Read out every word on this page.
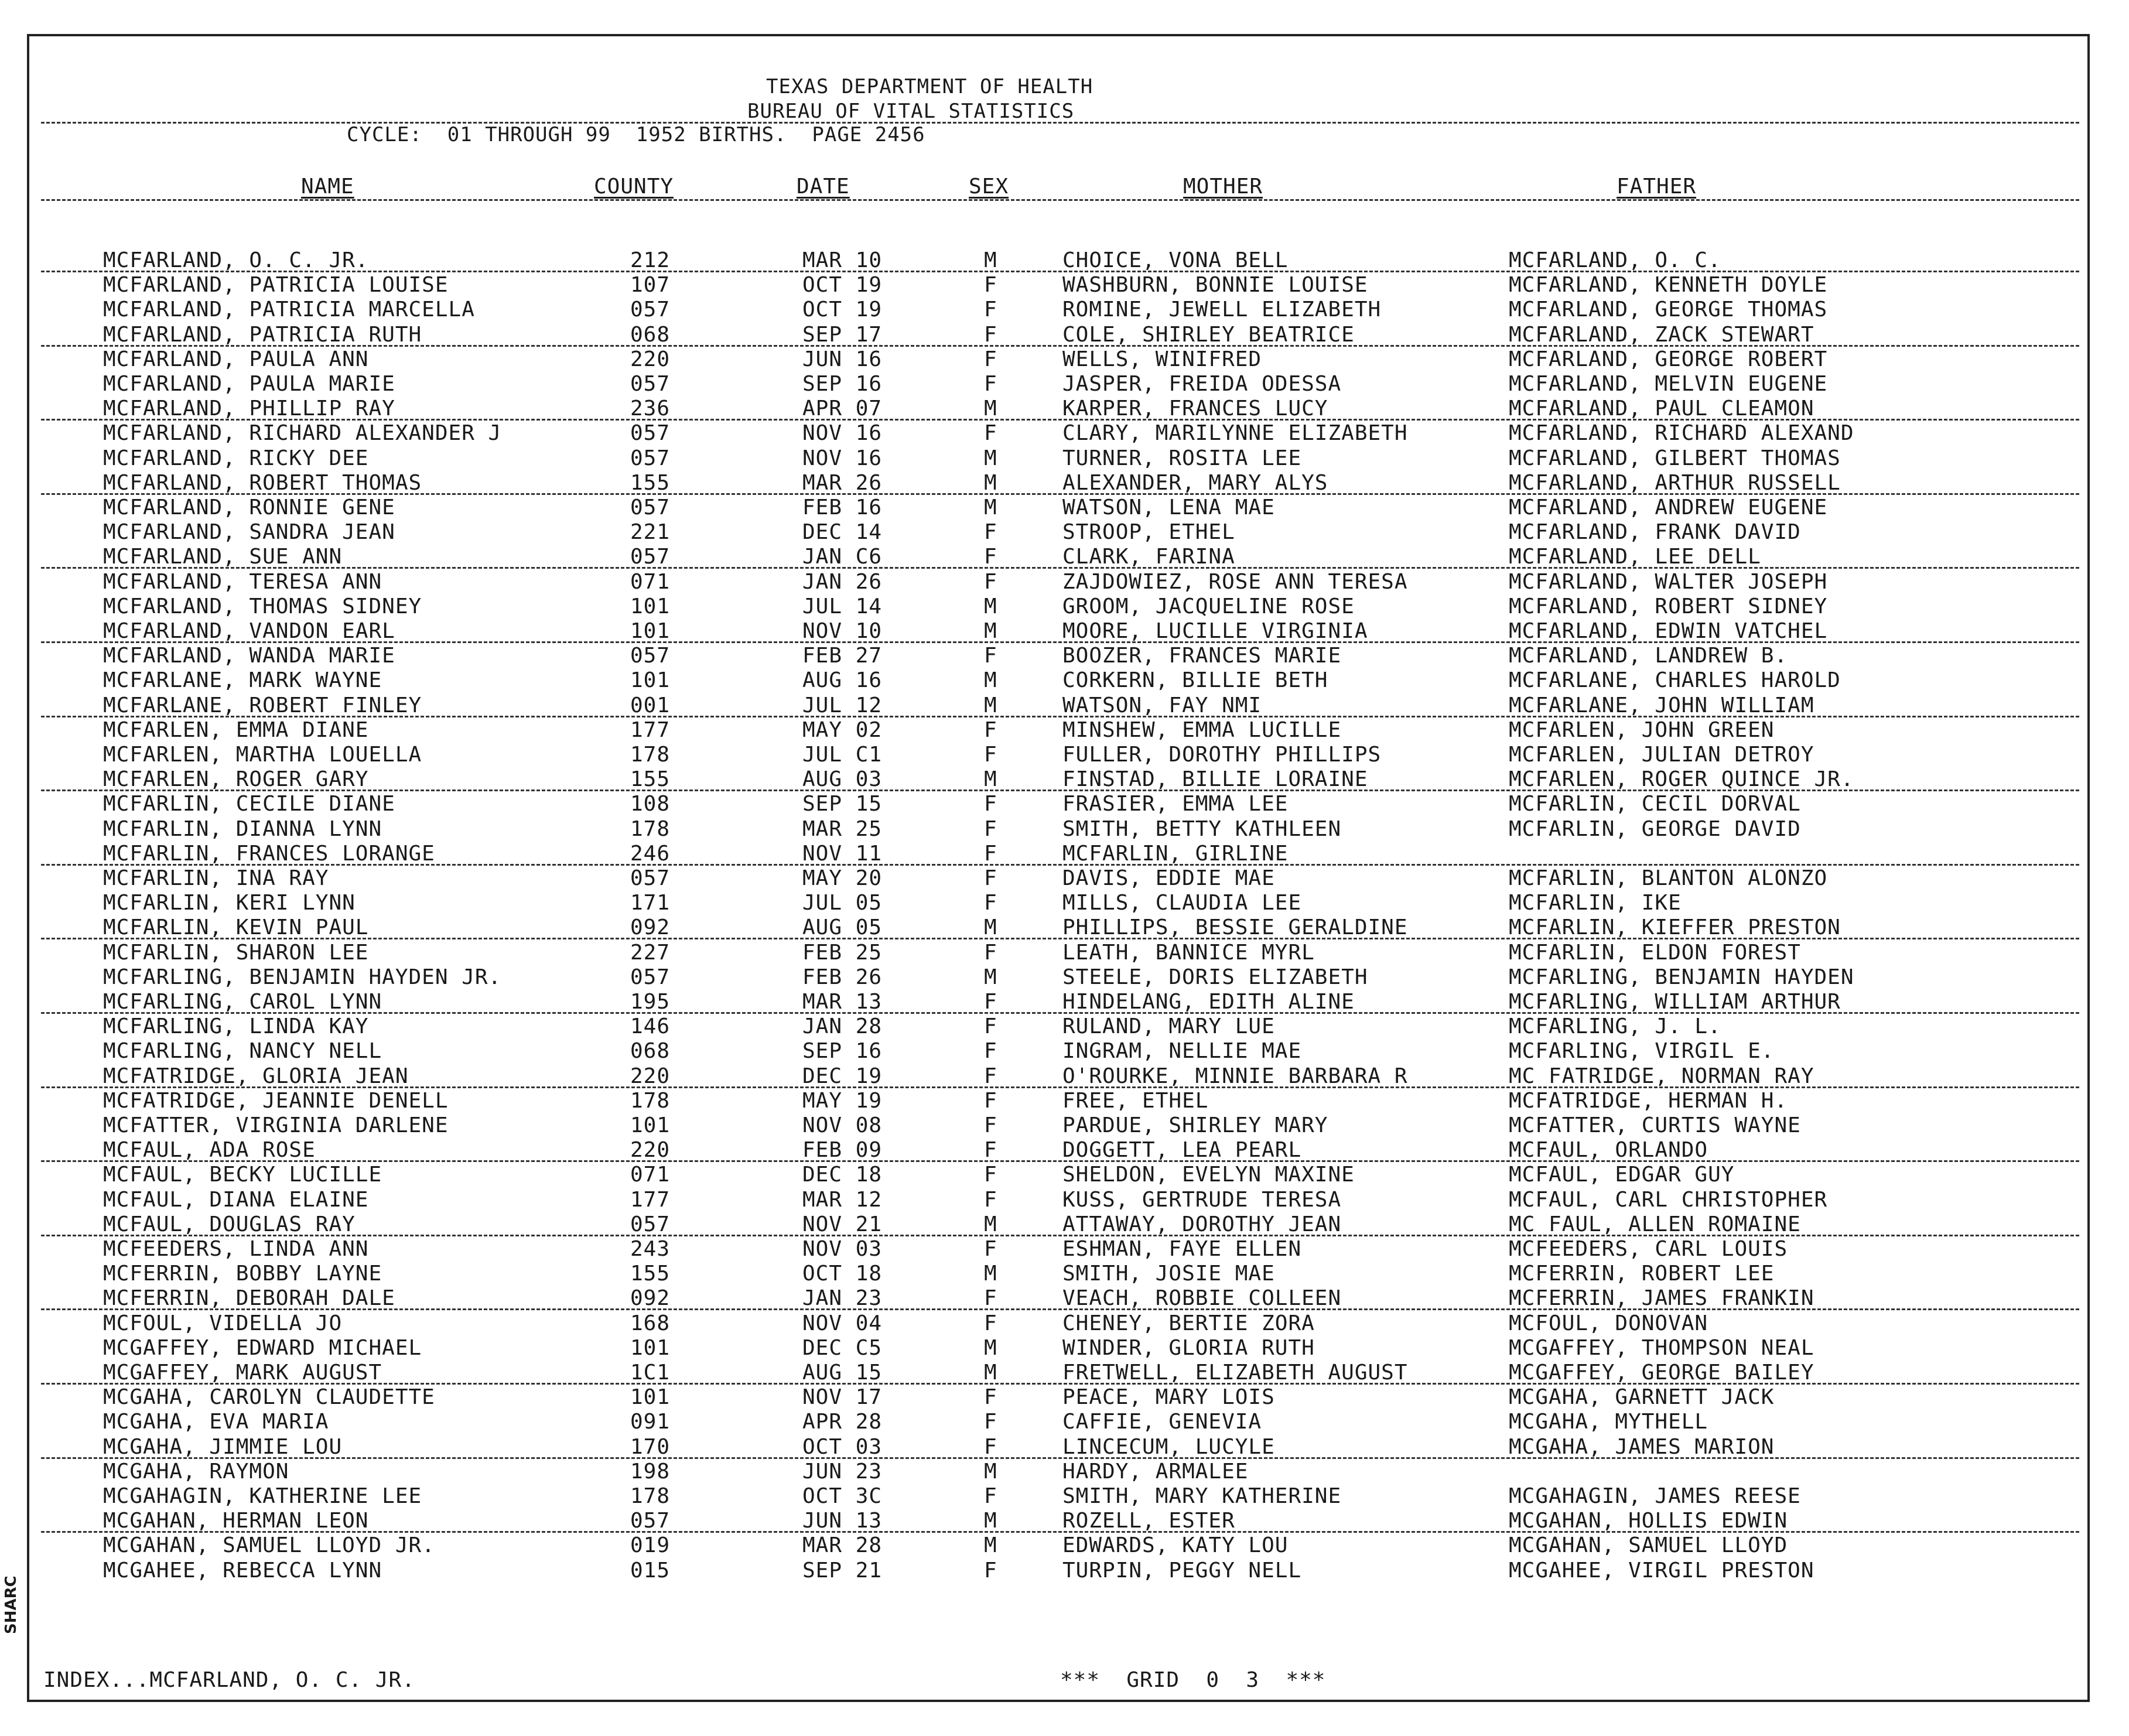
TEXAS DEPARTMENT OF HEALTH
BUREAU OF VITAL STATISTICS
CYCLE:  01 THROUGH 99  1952 BIRTHS.  PAGE 2456
NAME	COUNTY	DATE	SEX	MOTHER	FATHER
MCFARLAND, O. C. JR.	212	MAR 10	M	CHOICE, VONA BELL	MCFARLAND, O. C.
MCFARLAND, PATRICIA LOUISE	107	OCT 19	F	WASHBURN, BONNIE LOUISE	MCFARLAND, KENNETH DOYLE
MCFARLAND, PATRICIA MARCELLA	057	OCT 19	F	ROMINE, JEWELL ELIZABETH	MCFARLAND, GEORGE THOMAS
MCFARLAND, PATRICIA RUTH	068	SEP 17	F	COLE, SHIRLEY BEATRICE	MCFARLAND, ZACK STEWART
MCFARLAND, PAULA ANN	220	JUN 16	F	WELLS, WINIFRED	MCFARLAND, GEORGE ROBERT
MCFARLAND, PAULA MARIE	057	SEP 16	F	JASPER, FREIDA ODESSA	MCFARLAND, MELVIN EUGENE
MCFARLAND, PHILLIP RAY	236	APR 07	M	KARPER, FRANCES LUCY	MCFARLAND, PAUL CLEAMON
MCFARLAND, RICHARD ALEXANDER J	057	NOV 16	F	CLARY, MARILYNNE ELIZABETH	MCFARLAND, RICHARD ALEXAND
MCFARLAND, RICKY DEE	057	NOV 16	M	TURNER, ROSITA LEE	MCFARLAND, GILBERT THOMAS
MCFARLAND, ROBERT THOMAS	155	MAR 26	M	ALEXANDER, MARY ALYS	MCFARLAND, ARTHUR RUSSELL
MCFARLAND, RONNIE GENE	057	FEB 16	M	WATSON, LENA MAE	MCFARLAND, ANDREW EUGENE
MCFARLAND, SANDRA JEAN	221	DEC 14	F	STROOP, ETHEL	MCFARLAND, FRANK DAVID
MCFARLAND, SUE ANN	057	JAN C6	F	CLARK, FARINA	MCFARLAND, LEE DELL
MCFARLAND, TERESA ANN	071	JAN 26	F	ZAJDOWIEZ, ROSE ANN TERESA	MCFARLAND, WALTER JOSEPH
MCFARLAND, THOMAS SIDNEY	101	JUL 14	M	GROOM, JACQUELINE ROSE	MCFARLAND, ROBERT SIDNEY
MCFARLAND, VANDON EARL	101	NOV 10	M	MOORE, LUCILLE VIRGINIA	MCFARLAND, EDWIN VATCHEL
MCFARLAND, WANDA MARIE	057	FEB 27	F	BOOZER, FRANCES MARIE	MCFARLAND, LANDREW B.
MCFARLANE, MARK WAYNE	101	AUG 16	M	CORKERN, BILLIE BETH	MCFARLANE, CHARLES HAROLD
MCFARLANE, ROBERT FINLEY	001	JUL 12	M	WATSON, FAY NMI	MCFARLANE, JOHN WILLIAM
MCFARLEN, EMMA DIANE	177	MAY 02	F	MINSHEW, EMMA LUCILLE	MCFARLEN, JOHN GREEN
MCFARLEN, MARTHA LOUELLA	178	JUL C1	F	FULLER, DOROTHY PHILLIPS	MCFARLEN, JULIAN DETROY
MCFARLEN, ROGER GARY	155	AUG 03	M	FINSTAD, BILLIE LORAINE	MCFARLEN, ROGER QUINCE JR.
MCFARLIN, CECILE DIANE	108	SEP 15	F	FRASIER, EMMA LEE	MCFARLIN, CECIL DORVAL
MCFARLIN, DIANNA LYNN	178	MAR 25	F	SMITH, BETTY KATHLEEN	MCFARLIN, GEORGE DAVID
MCFARLIN, FRANCES LORANGE	246	NOV 11	F	MCFARLIN, GIRLINE
MCFARLIN, INA RAY	057	MAY 20	F	DAVIS, EDDIE MAE	MCFARLIN, BLANTON ALONZO
MCFARLIN, KERI LYNN	171	JUL 05	F	MILLS, CLAUDIA LEE	MCFARLIN, IKE
MCFARLIN, KEVIN PAUL	092	AUG 05	M	PHILLIPS, BESSIE GERALDINE	MCFARLIN, KIEFFER PRESTON
MCFARLIN, SHARON LEE	227	FEB 25	F	LEATH, BANNICE MYRL	MCFARLIN, ELDON FOREST
MCFARLING, BENJAMIN HAYDEN JR.	057	FEB 26	M	STEELE, DORIS ELIZABETH	MCFARLING, BENJAMIN HAYDEN
MCFARLING, CAROL LYNN	195	MAR 13	F	HINDELANG, EDITH ALINE	MCFARLING, WILLIAM ARTHUR
MCFARLING, LINDA KAY	146	JAN 28	F	RULAND, MARY LUE	MCFARLING, J. L.
MCFARLING, NANCY NELL	068	SEP 16	F	INGRAM, NELLIE MAE	MCFARLING, VIRGIL E.
MCFATRIDGE, GLORIA JEAN	220	DEC 19	F	O'ROURKE, MINNIE BARBARA R	MC FATRIDGE, NORMAN RAY
MCFATRIDGE, JEANNIE DENELL	178	MAY 19	F	FREE, ETHEL	MCFATRIDGE, HERMAN H.
MCFATTER, VIRGINIA DARLENE	101	NOV 08	F	PARDUE, SHIRLEY MARY	MCFATTER, CURTIS WAYNE
MCFAUL, ADA ROSE	220	FEB 09	F	DOGGETT, LEA PEARL	MCFAUL, ORLANDO
MCFAUL, BECKY LUCILLE	071	DEC 18	F	SHELDON, EVELYN MAXINE	MCFAUL, EDGAR GUY
MCFAUL, DIANA ELAINE	177	MAR 12	F	KUSS, GERTRUDE TERESA	MCFAUL, CARL CHRISTOPHER
MCFAUL, DOUGLAS RAY	057	NOV 21	M	ATTAWAY, DOROTHY JEAN	MC FAUL, ALLEN ROMAINE
MCFEEDERS, LINDA ANN	243	NOV 03	F	ESHMAN, FAYE ELLEN	MCFEEDERS, CARL LOUIS
MCFERRIN, BOBBY LAYNE	155	OCT 18	M	SMITH, JOSIE MAE	MCFERRIN, ROBERT LEE
MCFERRIN, DEBORAH DALE	092	JAN 23	F	VEACH, ROBBIE COLLEEN	MCFERRIN, JAMES FRANKIN
MCFOUL, VIDELLA JO	168	NOV 04	F	CHENEY, BERTIE ZORA	MCFOUL, DONOVAN
MCGAFFEY, EDWARD MICHAEL	101	DEC C5	M	WINDER, GLORIA RUTH	MCGAFFEY, THOMPSON NEAL
MCGAFFEY, MARK AUGUST	1C1	AUG 15	M	FRETWELL, ELIZABETH AUGUST	MCGAFFEY, GEORGE BAILEY
MCGAHA, CAROLYN CLAUDETTE	101	NOV 17	F	PEACE, MARY LOIS	MCGAHA, GARNETT JACK
MCGAHA, EVA MARIA	091	APR 28	F	CAFFIE, GENEVIA	MCGAHA, MYTHELL
MCGAHA, JIMMIE LOU	170	OCT 03	F	LINCECUM, LUCYLE	MCGAHA, JAMES MARION
MCGAHA, RAYMON	198	JUN 23	M	HARDY, ARMALEE
MCGAHAGIN, KATHERINE LEE	178	OCT 3C	F	SMITH, MARY KATHERINE	MCGAHAGIN, JAMES REESE
MCGAHAN, HERMAN LEON	057	JUN 13	M	ROZELL, ESTER	MCGAHAN, HOLLIS EDWIN
MCGAHAN, SAMUEL LLOYD JR.	019	MAR 28	M	EDWARDS, KATY LOU	MCGAHAN, SAMUEL LLOYD
MCGAHEE, REBECCA LYNN	015	SEP 21	F	TURPIN, PEGGY NELL	MCGAHEE, VIRGIL PRESTON
INDEX...MCFARLAND, O. C. JR.	***  GRID  0  3  ***
SHARC
